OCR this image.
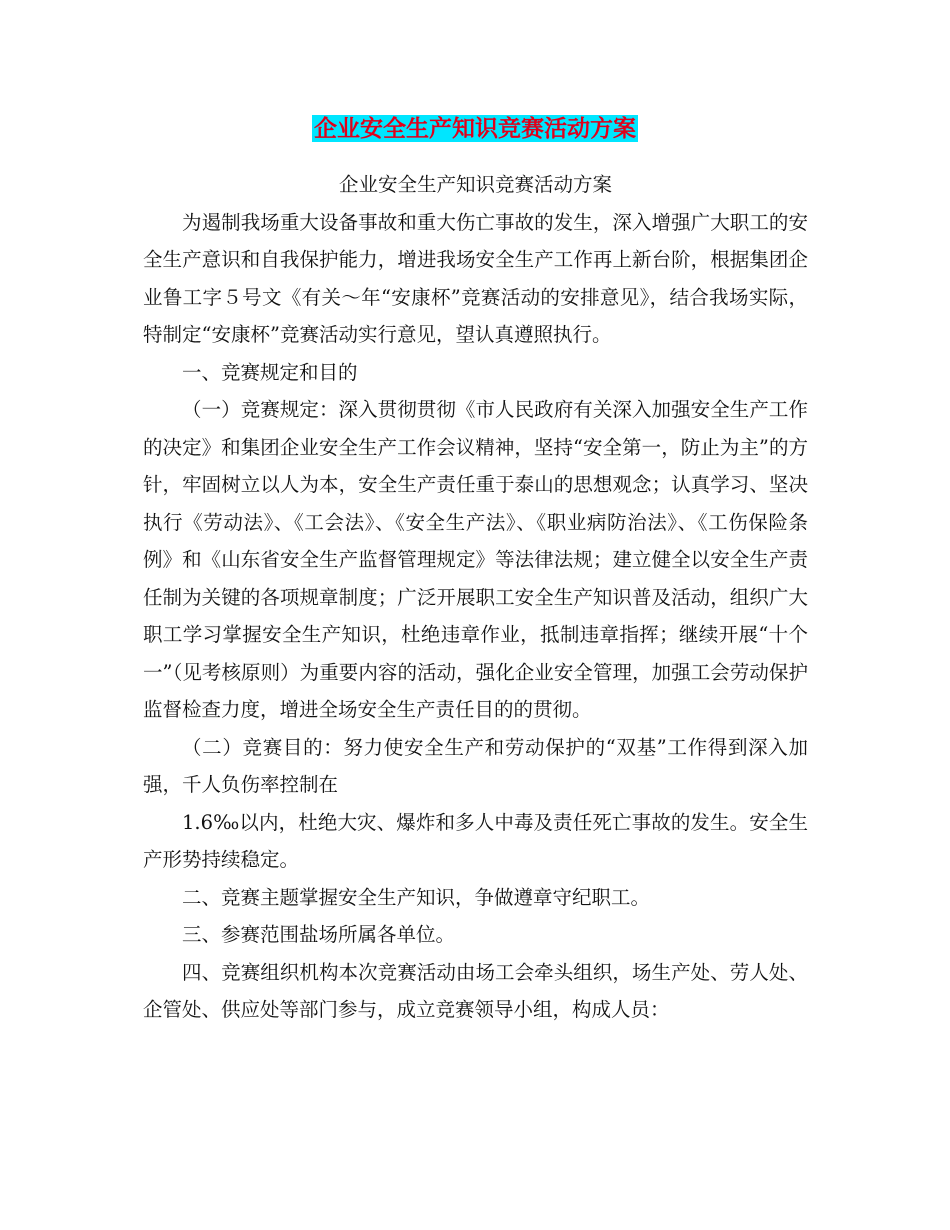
企业安全生产知识竞赛活动方案

企业安全生产知识竞赛活动方案

为遏制我场重大设备事故和重大伤亡事故的发生，深入增强广大职工的安全生产意识和自我保护能力，增进我场安全生产工作再上新台阶，根据集团企业鲁工字５号文《有关～年“安康杯”竞赛活动的安排意见》，结合我场实际，特制定“安康杯”竞赛活动实行意见，望认真遵照执行。

一、竞赛规定和目的

（一）竞赛规定：深入贯彻贯彻《市人民政府有关深入加强安全生产工作的决定》和集团企业安全生产工作会议精神，坚持“安全第一，防止为主”的方针，牢固树立以人为本，安全生产责任重于泰山的思想观念；认真学习、坚决执行《劳动法》、《工会法》、《安全生产法》、《职业病防治法》、《工伤保险条例》和《山东省安全生产监督管理规定》等法律法规；建立健全以安全生产责任制为关键的各项规章制度；广泛开展职工安全生产知识普及活动，组织广大职工学习掌握安全生产知识，杜绝违章作业，抵制违章指挥；继续开展“十个一”（见考核原则）为重要内容的活动，强化企业安全管理，加强工会劳动保护监督检查力度，增进全场安全生产责任目的的贯彻。

（二）竞赛目的：努力使安全生产和劳动保护的“双基”工作得到深入加强，千人负伤率控制在

1.6‰以内，杜绝大灾、爆炸和多人中毒及责任死亡事故的发生。安全生产形势持续稳定。

二、竞赛主题掌握安全生产知识，争做遵章守纪职工。

三、参赛范围盐场所属各单位。

四、竞赛组织机构本次竞赛活动由场工会牵头组织，场生产处、劳人处、企管处、供应处等部门参与，成立竞赛领导小组，构成人员：
